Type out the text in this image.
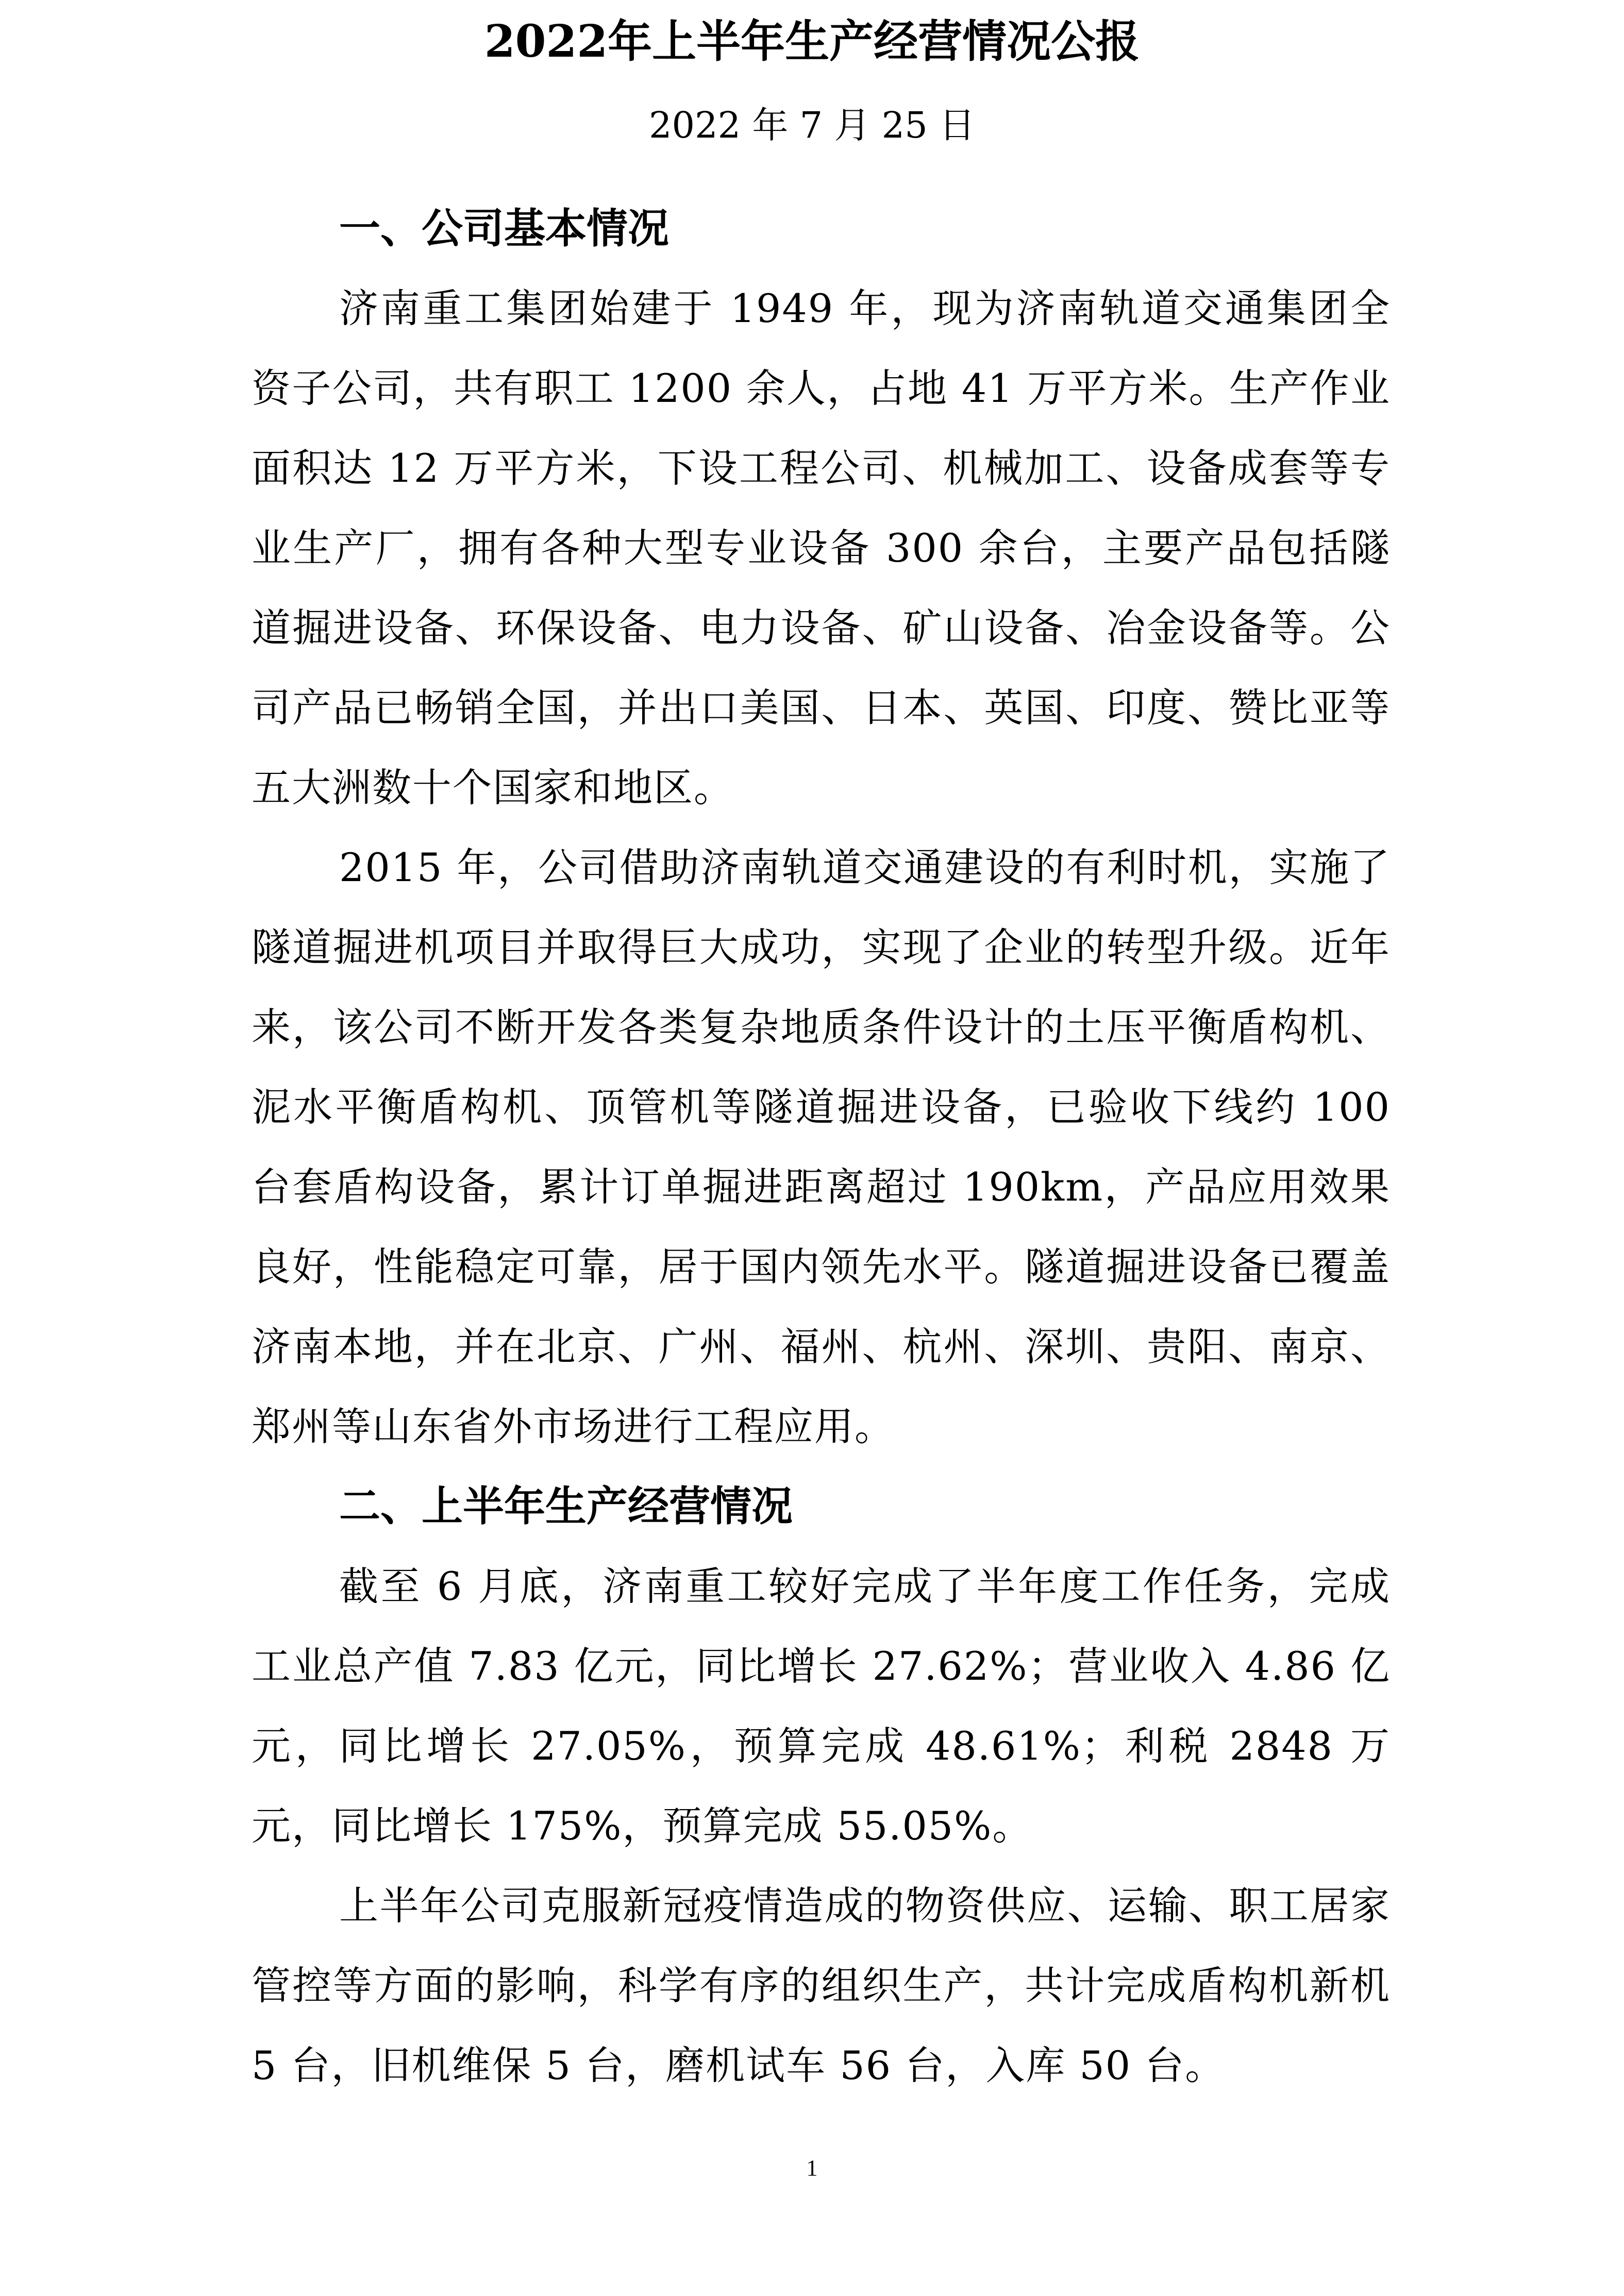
2022年上半年生产经营情况公报
2022 年 7 月 25 日
一、公司基本情况

济南重工集团始建于 1949 年，现为济南轨道交通集团全资子公司，共有职工 1200 余人，占地 41 万平方米。生产作业面积达 12 万平方米，下设工程公司、机械加工、设备成套等专业生产厂，拥有各种大型专业设备 300 余台，主要产品包括隧道掘进设备、环保设备、电力设备、矿山设备、冶金设备等。公司产品已畅销全国，并出口美国、日本、英国、印度、赞比亚等五大洲数十个国家和地区。

2015 年，公司借助济南轨道交通建设的有利时机，实施了隧道掘进机项目并取得巨大成功，实现了企业的转型升级。近年来，该公司不断开发各类复杂地质条件设计的土压平衡盾构机、泥水平衡盾构机、顶管机等隧道掘进设备，已验收下线约 100 台套盾构设备，累计订单掘进距离超过 190km，产品应用效果良好，性能稳定可靠，居于国内领先水平。隧道掘进设备已覆盖济南本地，并在北京、广州、福州、杭州、深圳、贵阳、南京、郑州等山东省外市场进行工程应用。

二、上半年生产经营情况

截至 6 月底，济南重工较好完成了半年度工作任务，完成工业总产值 7.83 亿元，同比增长 27.62%；营业收入 4.86 亿元，同比增长 27.05%，预算完成 48.61%；利税 2848 万元，同比增长 175%，预算完成 55.05%。

上半年公司克服新冠疫情造成的物资供应、运输、职工居家管控等方面的影响，科学有序的组织生产，共计完成盾构机新机 5 台，旧机维保 5 台，磨机试车 56 台，入库 50 台。

1
